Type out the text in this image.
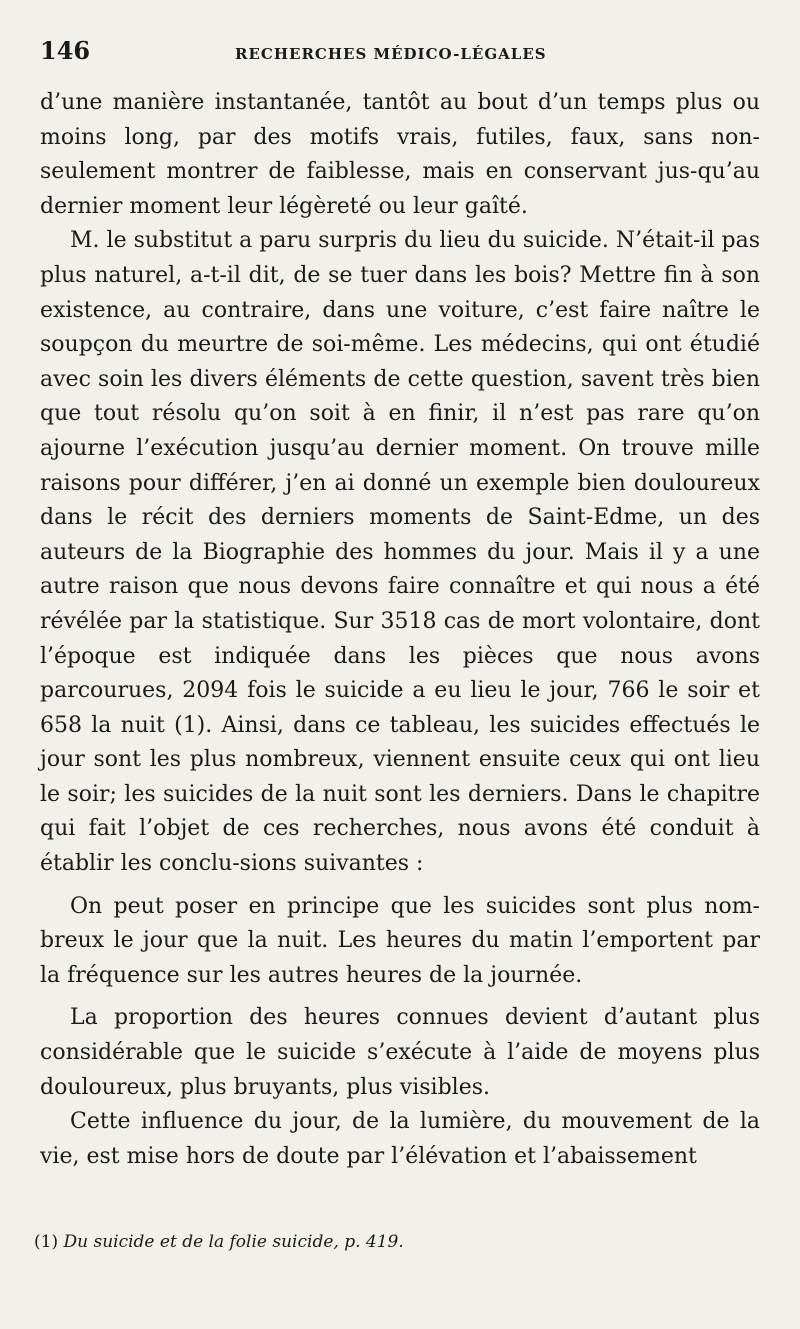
146	RECHERCHES MÉDICO-LÉGALES

d’une manière instantanée, tantôt au bout d’un temps plus ou moins long, par des motifs vrais, futiles, faux, sans non-seulement montrer de faiblesse, mais en conservant jus-qu’au dernier moment leur légèreté ou leur gaîté.

M. le substitut a paru surpris du lieu du suicide. N’était-il pas plus naturel, a-t-il dit, de se tuer dans les bois? Mettre fin à son existence, au contraire, dans une voiture, c’est faire naître le soupçon du meurtre de soi-même. Les médecins, qui ont étudié avec soin les divers éléments de cette question, savent très bien que tout résolu qu’on soit à en finir, il n’est pas rare qu’on ajourne l’exécution jusqu’au dernier moment. On trouve mille raisons pour différer, j’en ai donné un exemple bien douloureux dans le récit des derniers moments de Saint-Edme, un des auteurs de la Biographie des hommes du jour. Mais il y a une autre raison que nous devons faire connaître et qui nous a été révélée par la statistique. Sur 3518 cas de mort volontaire, dont l’époque est indiquée dans les pièces que nous avons parcourues, 2094 fois le suicide a eu lieu le jour, 766 le soir et 658 la nuit (1). Ainsi, dans ce tableau, les suicides effectués le jour sont les plus nombreux, viennent ensuite ceux qui ont lieu le soir; les suicides de la nuit sont les derniers. Dans le chapitre qui fait l’objet de ces recherches, nous avons été conduit à établir les conclu-sions suivantes :

On peut poser en principe que les suicides sont plus nom-breux le jour que la nuit. Les heures du matin l’emportent par la fréquence sur les autres heures de la journée.

La proportion des heures connues devient d’autant plus considérable que le suicide s’exécute à l’aide de moyens plus douloureux, plus bruyants, plus visibles.

Cette influence du jour, de la lumière, du mouvement de la vie, est mise hors de doute par l’élévation et l’abaissement

(1) Du suicide et de la folie suicide, p. 419.
